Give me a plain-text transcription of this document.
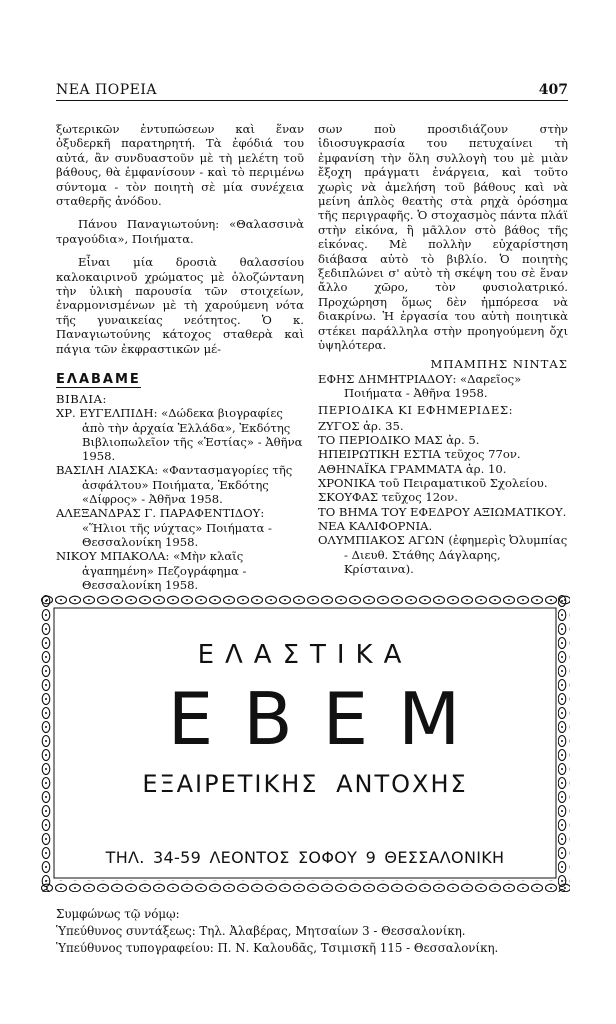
ΝΕΑ ΠΟΡΕΙΑ	407

ξωτερικῶν ἐντυπώσεων καὶ ἕναν ὀξυδερκῆ παρατηρητή. Τὰ ἐφόδιά του αὐτά, ἂν συνδυαστοῦν μὲ τὴ μελέτη τοῦ βάθους, θὰ ἐμφανίσουν - καὶ τὸ περιμένω σύντομα - τὸν ποιητὴ σὲ μία συνέχεια σταθερῆς ἀνόδου.

Πάνου Παναγιωτούνη: «Θαλασσινὰ τραγούδια», Ποιήματα.

Εἶναι μία δροσιὰ θαλασσίου καλοκαιρινοῦ χρώματος μὲ ὁλοζώντανη τὴν ὑλικὴ παρουσία τῶν στοιχείων, ἐναρμονισμένων μὲ τὴ χαρούμενη νότα τῆς γυναικείας νεότητος. Ὁ κ. Παναγιωτούνης κάτοχος σταθερὰ καὶ πάγια τῶν ἐκφραστικῶν μέ-

σων ποὺ προσιδιάζουν στὴν ἰδιοσυγκρασία του πετυχαίνει τὴ ἐμφανίση τὴν ὅλη συλλογὴ του μὲ μιὰν ἔξοχη πράγματι ἐνάργεια, καὶ τοῦτο χωρὶς νὰ ἀμελήση τοῦ βάθους καὶ νὰ μείνη ἁπλὸς θεατὴς στὰ ρηχὰ ὀρόσημα τῆς περιγραφῆς. Ὁ στοχασμὸς πάντα πλάϊ στὴν εἰκόνα, ἢ μᾶλλον στὸ βάθος τῆς εἰκόνας. Μὲ πολλὴν εὐχαρίστηση διάβασα αὐτὸ τὸ βιβλίο. Ὁ ποιητὴς ξεδιπλώνει σ' αὐτὸ τὴ σκέψη του σὲ ἕναν ἄλλο χῶρο, τὸν φυσιολατρικό. Προχώρηση ὅμως δὲν ἠμπόρεσα νὰ διακρίνω. Ἡ ἐργασία του αὐτὴ ποιητικὰ στέκει παράλληλα στὴν προηγούμενη ὄχι ὑψηλότερα.

ΜΠΑΜΠΗΣ ΝΙΝΤΑΣ

ΕΛΑΒΑΜΕ

ΒΙΒΛΙΑ:

ΧΡ. ΕΥΓΕΛΠΙΔΗ: «Δώδεκα βιογραφίες ἀπὸ τὴν ἀρχαία Ἑλλάδα», Ἐκδότης Βιβλιοπωλεῖον τῆς «Ἑστίας» - Ἀθῆνα 1958.

ΒΑΣΙΛΗ ΛΙΑΣΚΑ: «Φαντασμαγορίες τῆς ἀσφάλτου» Ποιήματα, Ἐκδότης «Δίφρος» - Ἀθῆνα 1958.

ΑΛΕΞΑΝΔΡΑΣ Γ. ΠΑΡΑΦΕΝΤΙΔΟΥ: «Ἥλιοι τῆς νύχτας» Ποιήματα - Θεσσαλονίκη 1958.

ΝΙΚΟΥ ΜΠΑΚΟΛΑ: «Μὴν κλαῖς ἀγαπημένη» Πεζογράφημα - Θεσσαλονίκη 1958.

ΕΦΗΣ ΔΗΜΗΤΡΙΑΔΟΥ: «Δαρεῖος» Ποιήματα - Ἀθῆνα 1958.

ΠΕΡΙΟΔΙΚΑ ΚΙ ΕΦΗΜΕΡΙΔΕΣ:

ΖΥΓΟΣ ἀρ. 35.

ΤΟ ΠΕΡΙΟΔΙΚΟ ΜΑΣ ἀρ. 5.

ΗΠΕΙΡΩΤΙΚΗ ΕΣΤΙΑ τεῦχος 77ον.

ΑΘΗΝΑΪΚΑ ΓΡΑΜΜΑΤΑ ἀρ. 10.

ΧΡΟΝΙΚΑ τοῦ Πειραματικοῦ Σχολείου.

ΣΚΟΥΦΑΣ τεῦχος 12ον.

ΤΟ ΒΗΜΑ ΤΟΥ ΕΦΕΔΡΟΥ ΑΞΙΩΜΑΤΙΚΟΥ.

ΝΕΑ ΚΑΛΙΦΟΡΝΙΑ.

ΟΛΥΜΠΙΑΚΟΣ ΑΓΩΝ (ἐφημερὶς Ὀλυμπίας - Διευθ. Στάθης Δάγλαρης, Κρίσταινα).

ΕΛΑΣΤΙΚΑ
ΕΒΕΜ
ΕΞΑΙΡΕΤΙΚΗΣ ΑΝΤΟΧΗΣ
ΤΗΛ. 34-59 ΛΕΟΝΤΟΣ ΣΟΦΟΥ 9 ΘΕΣΣΑΛΟΝΙΚΗ

Συμφώνως τῷ νόμῳ:

Ὑπεύθυνος συντάξεως: Τηλ. Ἀλαβέρας, Μητσαίων 3 - Θεσσαλονίκη.

Ὑπεύθυνος τυπογραφείου: Π. Ν. Καλουδᾶς, Τσιμισκῆ 115 - Θεσσαλονίκη.
